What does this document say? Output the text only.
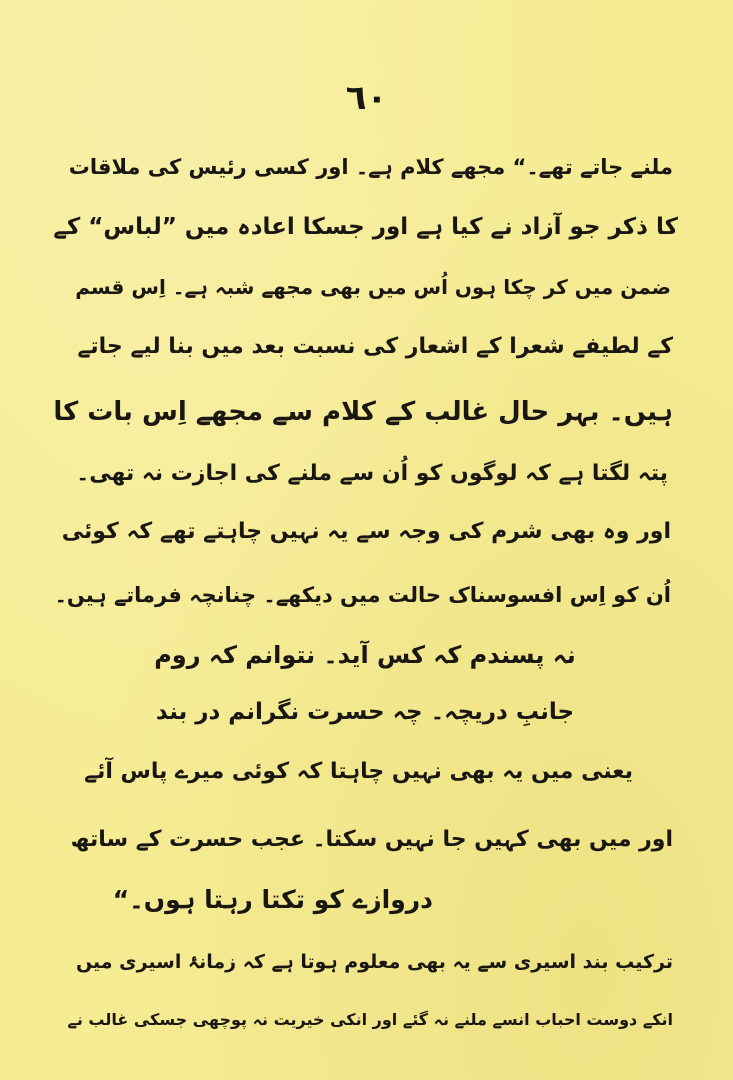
٦٠
ملنے جاتے تھے۔“ مجھے کلام ہے۔ اور کسی رئیس کی ملاقات
کا ذکر جو آزاد نے کیا ہے اور جسکا اعادہ میں ”لباس“ کے
ضمن میں کر چکا ہوں اُس میں بھی مجھے شبہ ہے۔ اِس قسم
کے لطیفے شعرا کے اشعار کی نسبت بعد میں بنا لیے جاتے
ہیں۔ بہر حال غالب کے کلام سے مجھے اِس بات کا
پتہ لگتا ہے کہ لوگوں کو اُن سے ملنے کی اجازت نہ تھی۔
اور وہ بھی شرم کی وجہ سے یہ نہیں چاہتے تھے کہ کوئی
اُن کو اِس افسوسناک حالت میں دیکھے۔ چنانچہ فرماتے ہیں۔
نہ پسندم کہ کس آید۔ نتوانم کہ روم
جانبِ دریچہ۔ چہ حسرت نگرانم در بند
یعنی میں یہ بھی نہیں چاہتا کہ کوئی میرے پاس آئے
اور میں بھی کہیں جا نہیں سکتا۔ عجب حسرت کے ساتھ
دروازے کو تکتا رہتا ہوں۔“
ترکیب بند اسیری سے یہ بھی معلوم ہوتا ہے کہ زمانۂ اسیری میں
انکے دوست احباب انسے ملنے نہ گئے اور انکی خیریت نہ پوچھی جسکی غالب نے
